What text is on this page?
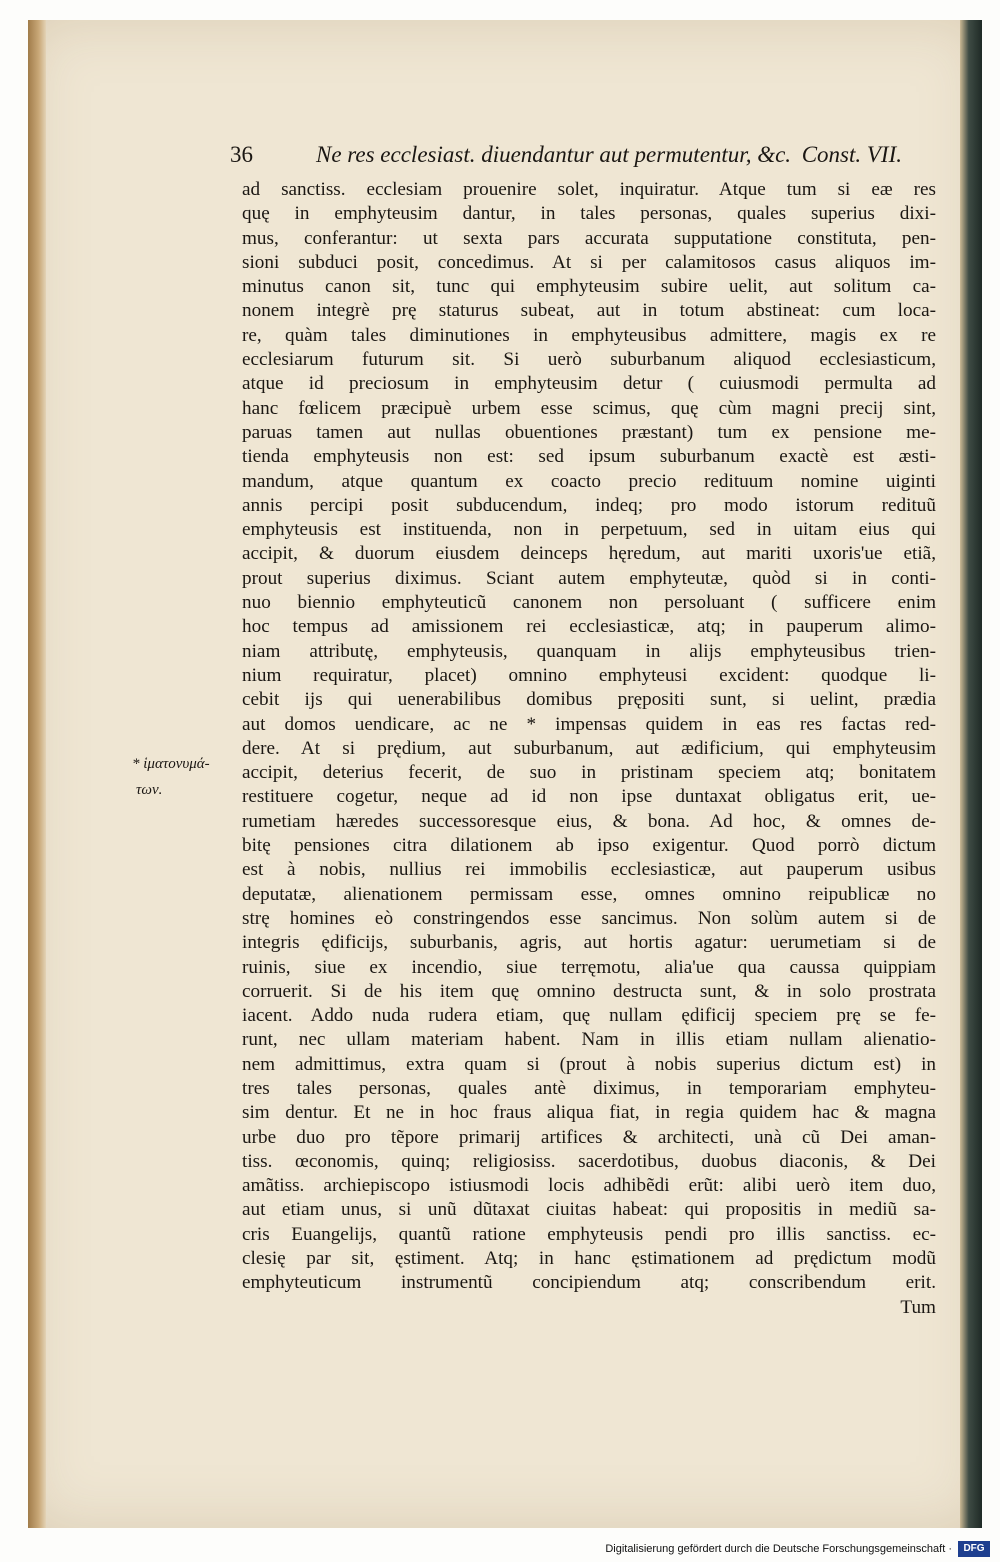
36	Ne res ecclesiast. diuendantur aut permutentur, &c. Const. VII.
* ἱματονυμά-
των.
ad sanctiss. ecclesiam prouenire solet, inquiratur. Atque tum si eæ res
quę in emphyteusim dantur, in tales personas, quales superius dixi-
mus, conferantur: ut sexta pars accurata supputatione constituta, pen-
sioni subduci posit, concedimus. At si per calamitosos casus aliquos im-
minutus canon sit, tunc qui emphyteusim subire uelit, aut solitum ca-
nonem integrè prę staturus subeat, aut in totum abstineat: cum loca-
re, quàm tales diminutiones in emphyteusibus admittere, magis ex re
ecclesiarum futurum sit. Si uerò suburbanum aliquod ecclesiasticum,
atque id preciosum in emphyteusim detur ( cuiusmodi permulta ad
hanc fœlicem præcipuè urbem esse scimus, quę cùm magni precij sint,
paruas tamen aut nullas obuentiones præstant) tum ex pensione me-
tienda emphyteusis non est: sed ipsum suburbanum exactè est æsti-
mandum, atque quantum ex coacto precio redituum nomine uiginti
annis percipi posit subducendum, indeq; pro modo istorum redituũ
emphyteusis est instituenda, non in perpetuum, sed in uitam eius qui
accipit, & duorum eiusdem deinceps hęredum, aut mariti uxoris'ue etiã,
prout superius diximus. Sciant autem emphyteutæ, quòd si in conti-
nuo biennio emphyteuticũ canonem non persoluant ( sufficere enim
hoc tempus ad amissionem rei ecclesiasticæ, atq; in pauperum alimo-
niam attributę, emphyteusis, quanquam in alijs emphyteusibus trien-
nium requiratur, placet) omnino emphyteusi excident: quodque li-
cebit ijs qui uenerabilibus domibus prępositi sunt, si uelint, prædia
aut domos uendicare, ac ne * impensas quidem in eas res factas red-
dere. At si prędium, aut suburbanum, aut ædificium, qui emphyteusim
accipit, deterius fecerit, de suo in pristinam speciem atq; bonitatem
restituere cogetur, neque ad id non ipse duntaxat obligatus erit, ue-
rumetiam hæredes successoresque eius, & bona. Ad hoc, & omnes de-
bitę pensiones citra dilationem ab ipso exigentur. Quod porrò dictum
est à nobis, nullius rei immobilis ecclesiasticæ, aut pauperum usibus
deputatæ, alienationem permissam esse, omnes omnino reipublicæ no
strę homines eò constringendos esse sancimus. Non solùm autem si de
integris ędificijs, suburbanis, agris, aut hortis agatur: uerumetiam si de
ruinis, siue ex incendio, siue terręmotu, alia'ue qua caussa quippiam
corruerit. Si de his item quę omnino destructa sunt, & in solo prostrata
iacent. Addo nuda rudera etiam, quę nullam ędificij speciem prę se fe-
runt, nec ullam materiam habent. Nam in illis etiam nullam alienatio-
nem admittimus, extra quam si (prout à nobis superius dictum est) in
tres tales personas, quales antè diximus, in temporariam emphyteu-
sim dentur. Et ne in hoc fraus aliqua fiat, in regia quidem hac & magna
urbe duo pro tẽpore primarij artifices & architecti, unà cũ Dei aman-
tiss. œconomis, quinq; religiosiss. sacerdotibus, duobus diaconis, & Dei
amãtiss. archiepiscopo istiusmodi locis adhibẽdi erũt: alibi uerò item duo,
aut etiam unus, si unũ dũtaxat ciuitas habeat: qui propositis in mediũ sa-
cris Euangelijs, quantũ ratione emphyteusis pendi pro illis sanctiss. ec-
clesię par sit, ęstiment. Atq; in hanc ęstimationem ad prędictum modũ
emphyteuticum instrumentũ concipiendum atq; conscribendum erit.
Tum
Digitalisierung gefördert durch die Deutsche Forschungsgemeinschaft ·	DFG
